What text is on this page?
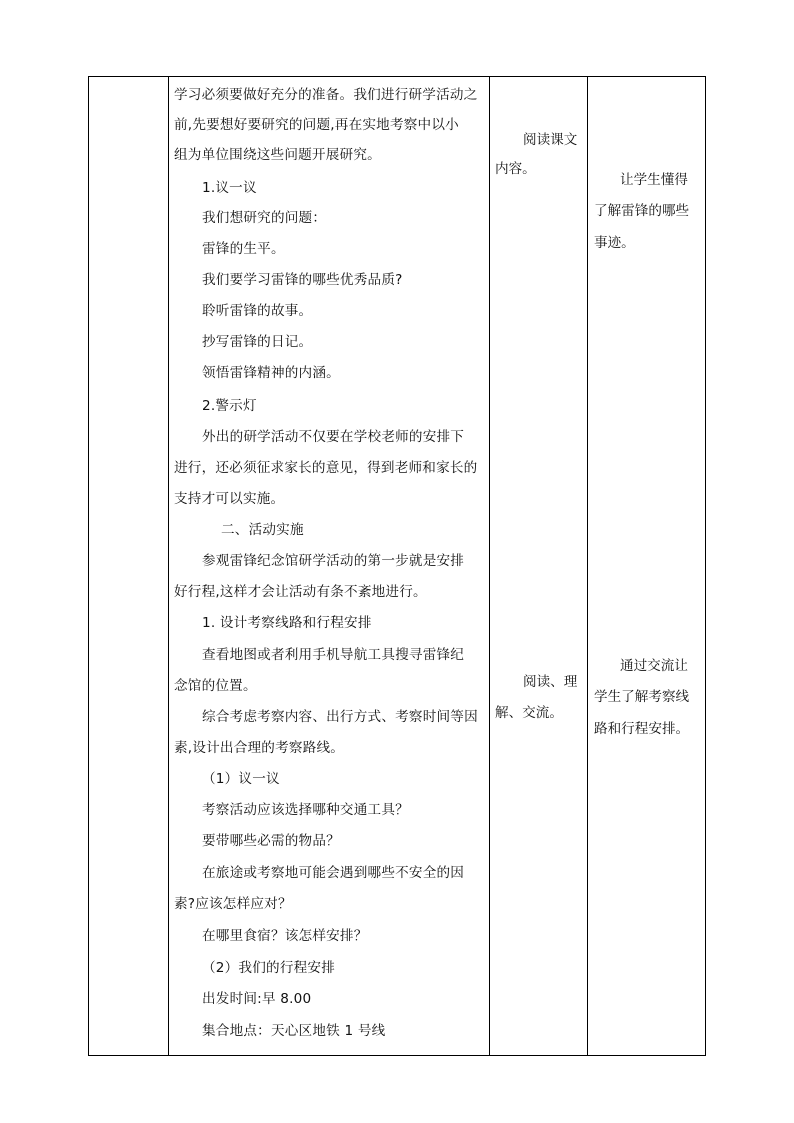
学习必须要做好充分的准备。我们进行研学活动之
前,先要想好要研究的问题,再在实地考察中以小
组为单位围绕这些问题开展研究。
1.议一议
我们想研究的问题：
雷锋的生平。
我们要学习雷锋的哪些优秀品质?
聆听雷锋的故事。
抄写雷锋的日记。
领悟雷锋精神的内涵。
2.警示灯
外出的研学活动不仅要在学校老师的安排下
进行，还必须征求家长的意见，得到老师和家长的
支持才可以实施。
二、活动实施
参观雷锋纪念馆研学活动的第一步就是安排
好行程,这样才会让活动有条不紊地进行。
1. 设计考察线路和行程安排
查看地图或者利用手机导航工具搜寻雷锋纪
念馆的位置。
综合考虑考察内容、出行方式、考察时间等因
素,设计出合理的考察路线。
（1）议一议
考察活动应该选择哪种交通工具？
要带哪些必需的物品？
在旅途或考察地可能会遇到哪些不安全的因
素?应该怎样应对？
在哪里食宿？该怎样安排？
（2）我们的行程安排
出发时间:早 8.00
集合地点：天心区地铁 1 号线
阅读课文
内容。
阅读、理
解、交流。
让学生懂得
了解雷锋的哪些
事迹。
通过交流让
学生了解考察线
路和行程安排。
